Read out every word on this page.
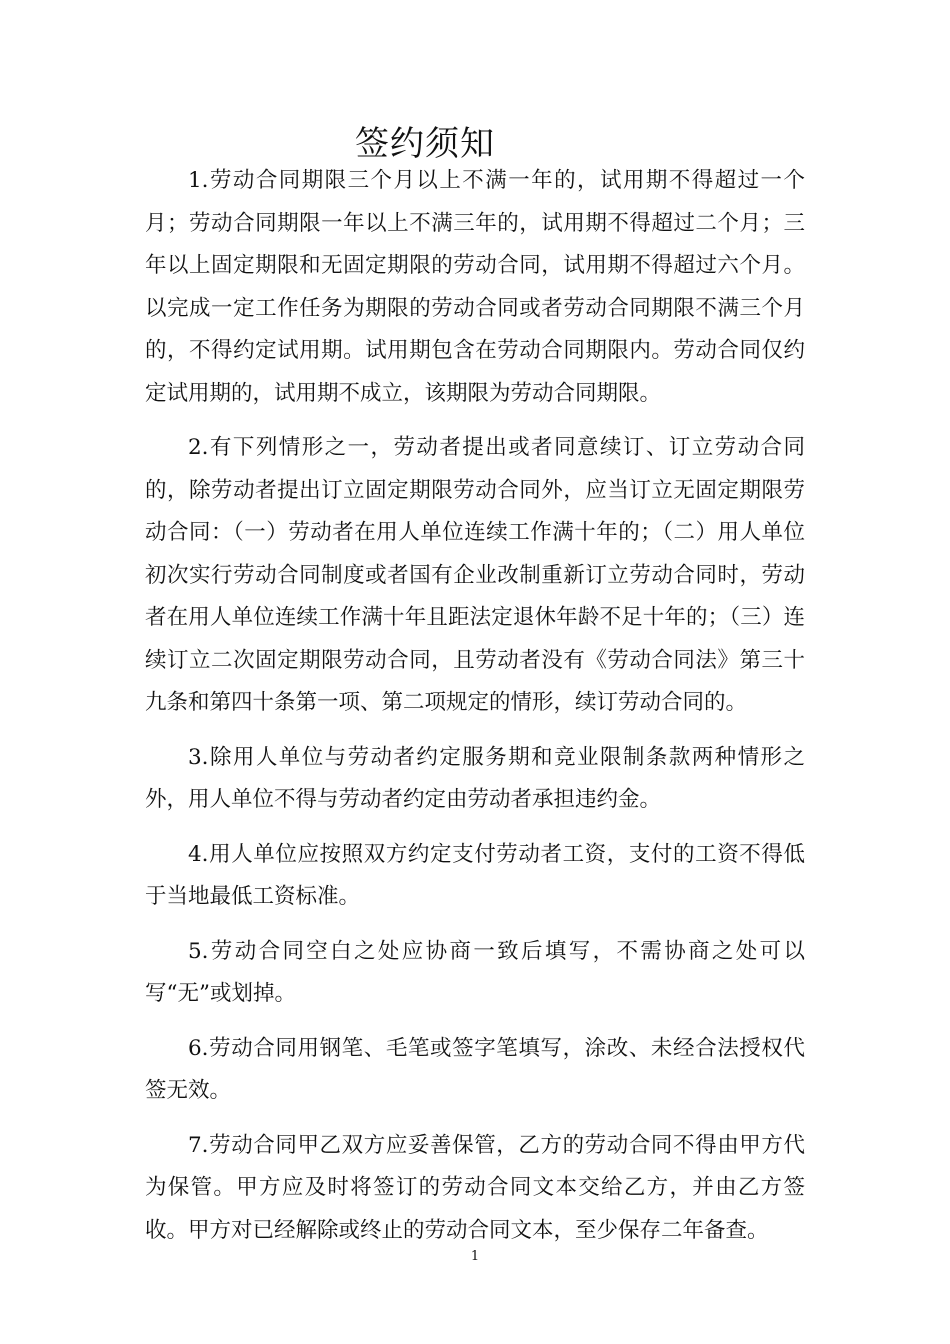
签约须知

1.劳动合同期限三个月以上不满一年的，试用期不得超过一个月；劳动合同期限一年以上不满三年的，试用期不得超过二个月；三年以上固定期限和无固定期限的劳动合同，试用期不得超过六个月。以完成一定工作任务为期限的劳动合同或者劳动合同期限不满三个月的，不得约定试用期。试用期包含在劳动合同期限内。劳动合同仅约定试用期的，试用期不成立，该期限为劳动合同期限。

2.有下列情形之一，劳动者提出或者同意续订、订立劳动合同的，除劳动者提出订立固定期限劳动合同外，应当订立无固定期限劳动合同：（一）劳动者在用人单位连续工作满十年的；（二）用人单位初次实行劳动合同制度或者国有企业改制重新订立劳动合同时，劳动者在用人单位连续工作满十年且距法定退休年龄不足十年的；（三）连续订立二次固定期限劳动合同，且劳动者没有《劳动合同法》第三十九条和第四十条第一项、第二项规定的情形，续订劳动合同的。

3.除用人单位与劳动者约定服务期和竞业限制条款两种情形之外，用人单位不得与劳动者约定由劳动者承担违约金。

4.用人单位应按照双方约定支付劳动者工资，支付的工资不得低于当地最低工资标准。

5.劳动合同空白之处应协商一致后填写，不需协商之处可以写“无”或划掉。

6.劳动合同用钢笔、毛笔或签字笔填写，涂改、未经合法授权代签无效。

7.劳动合同甲乙双方应妥善保管，乙方的劳动合同不得由甲方代为保管。甲方应及时将签订的劳动合同文本交给乙方，并由乙方签收。甲方对已经解除或终止的劳动合同文本，至少保存二年备查。

1
